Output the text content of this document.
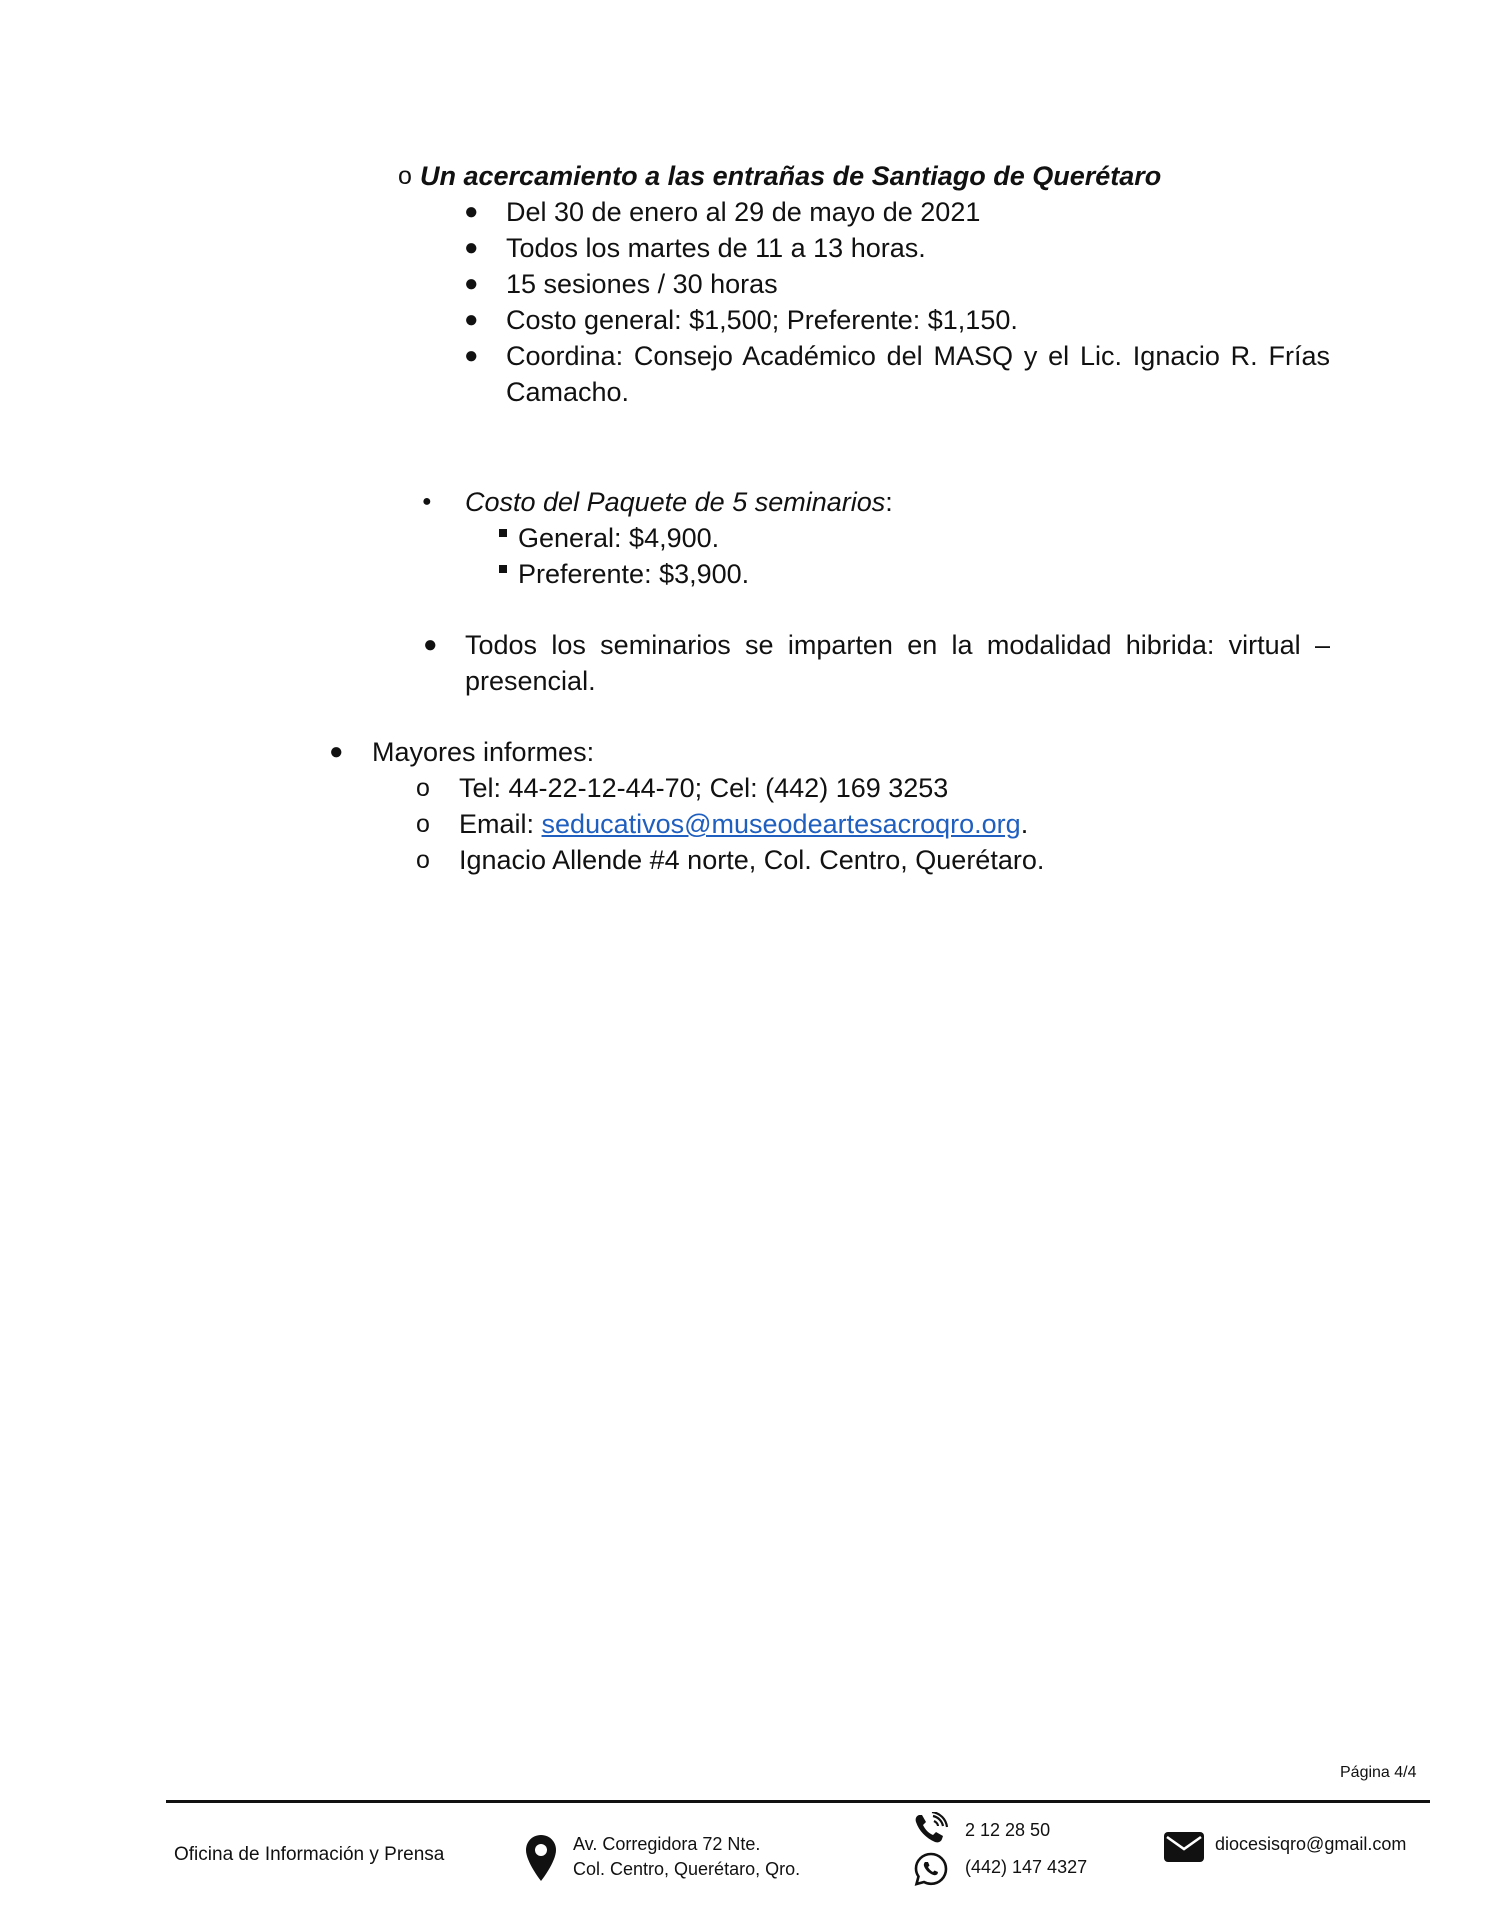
o Un acercamiento a las entrañas de Santiago de Querétaro
● Del 30 de enero al 29 de mayo de 2021
● Todos los martes de 11 a 13 horas.
● 15 sesiones / 30 horas
● Costo general: $1,500; Preferente: $1,150.
● Coordina: Consejo Académico del MASQ y el Lic. Ignacio R. Frías
Camacho.
● Costo del Paquete de 5 seminarios:
General: $4,900.
Preferente: $3,900.
● Todos los seminarios se imparten en la modalidad hibrida: virtual –
presencial.
● Mayores informes:
o Tel: 44-22-12-44-70; Cel: (442) 169 3253
o Email: seducativos@museodeartesacroqro.org.
o Ignacio Allende #4 norte, Col. Centro, Querétaro.
Página 4/4
Oficina de Información y Prensa	Av. Corregidora 72 Nte.
Col. Centro, Querétaro, Qro.
2 12 28 50
(442) 147 4327
diocesisqro@gmail.com
